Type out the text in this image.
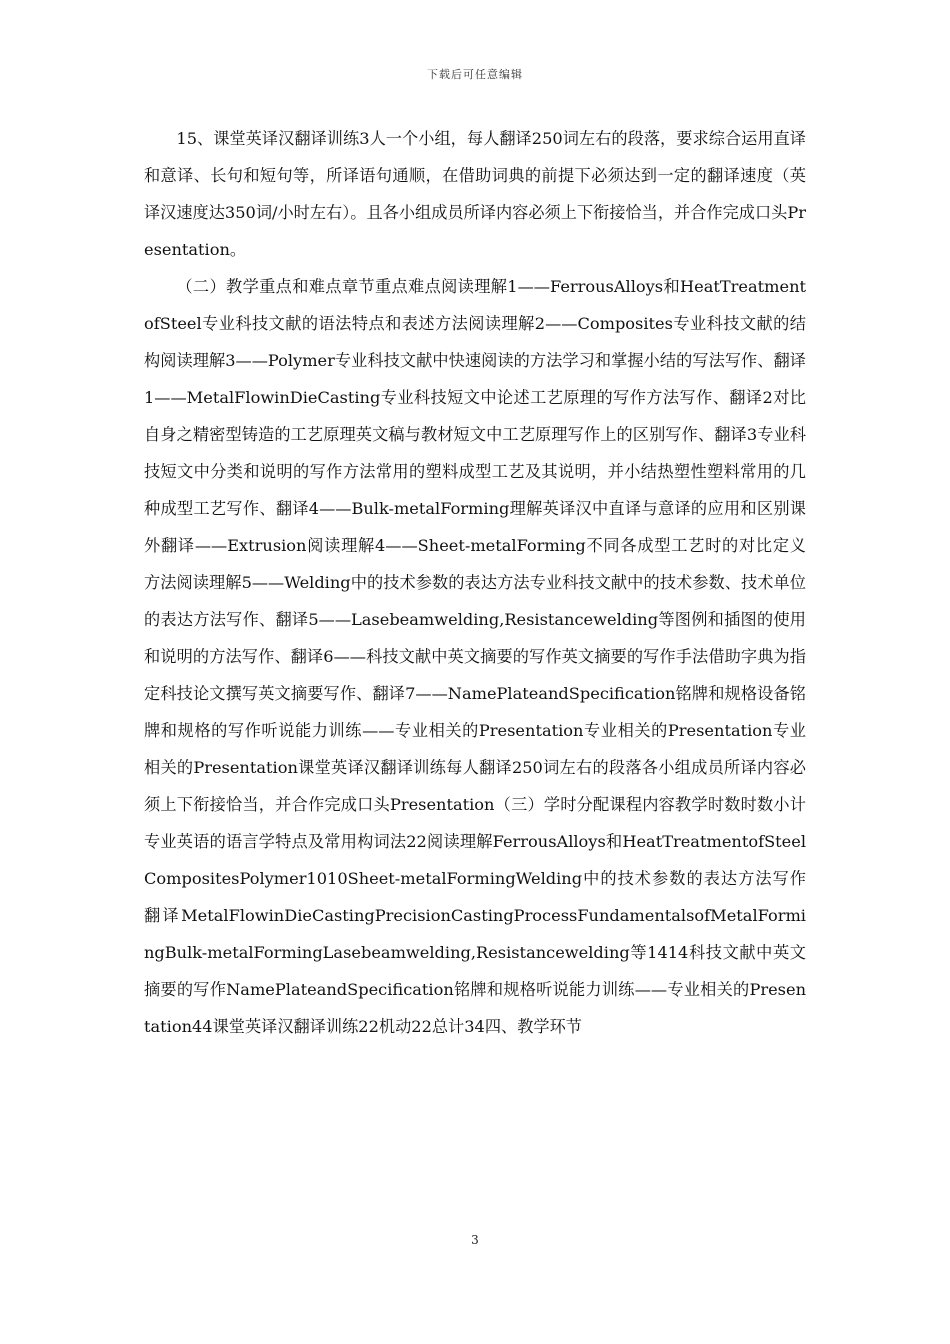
下载后可任意编辑

15、课堂英译汉翻译训练3人一个小组，每人翻译250词左右的段落，要求综合运用直译和意译、长句和短句等，所译语句通顺，在借助词典的前提下必须达到一定的翻译速度（英译汉速度达350词/小时左右）。且各小组成员所译内容必须上下衔接恰当，并合作完成口头Presentation。

（二）教学重点和难点章节重点难点阅读理解1——FerrousAlloys和HeatTreatmentofSteel专业科技文献的语法特点和表述方法阅读理解2——Composites专业科技文献的结构阅读理解3——Polymer专业科技文献中快速阅读的方法学习和掌握小结的写法写作、翻译1——MetalFlowinDieCasting专业科技短文中论述工艺原理的写作方法写作、翻译2对比自身之精密型铸造的工艺原理英文稿与教材短文中工艺原理写作上的区别写作、翻译3专业科技短文中分类和说明的写作方法常用的塑料成型工艺及其说明，并小结热塑性塑料常用的几种成型工艺写作、翻译4——Bulk-metalForming理解英译汉中直译与意译的应用和区别课外翻译——Extrusion阅读理解4——Sheet-metalForming不同各成型工艺时的对比定义方法阅读理解5——Welding中的技术参数的表达方法专业科技文献中的技术参数、技术单位的表达方法写作、翻译5——Lasebeamwelding,Resistancewelding等图例和插图的使用和说明的方法写作、翻译6——科技文献中英文摘要的写作英文摘要的写作手法借助字典为指定科技论文撰写英文摘要写作、翻译7——NamePlateandSpecification铭牌和规格设备铭牌和规格的写作听说能力训练——专业相关的Presentation专业相关的Presentation专业相关的Presentation课堂英译汉翻译训练每人翻译250词左右的段落各小组成员所译内容必须上下衔接恰当，并合作完成口头Presentation（三）学时分配课程内容教学时数时数小计专业英语的语言学特点及常用构词法22阅读理解FerrousAlloys和HeatTreatmentofSteelCompositesPolymer1010Sheet-metalFormingWelding中的技术参数的表达方法写作翻译MetalFlowinDieCastingPrecisionCastingProcessFundamentalsofMetalFormingBulk-metalFormingLasebeamwelding,Resistancewelding等1414科技文献中英文摘要的写作NamePlateandSpecification铭牌和规格听说能力训练——专业相关的Presentation44课堂英译汉翻译训练22机动22总计34四、教学环节

3
